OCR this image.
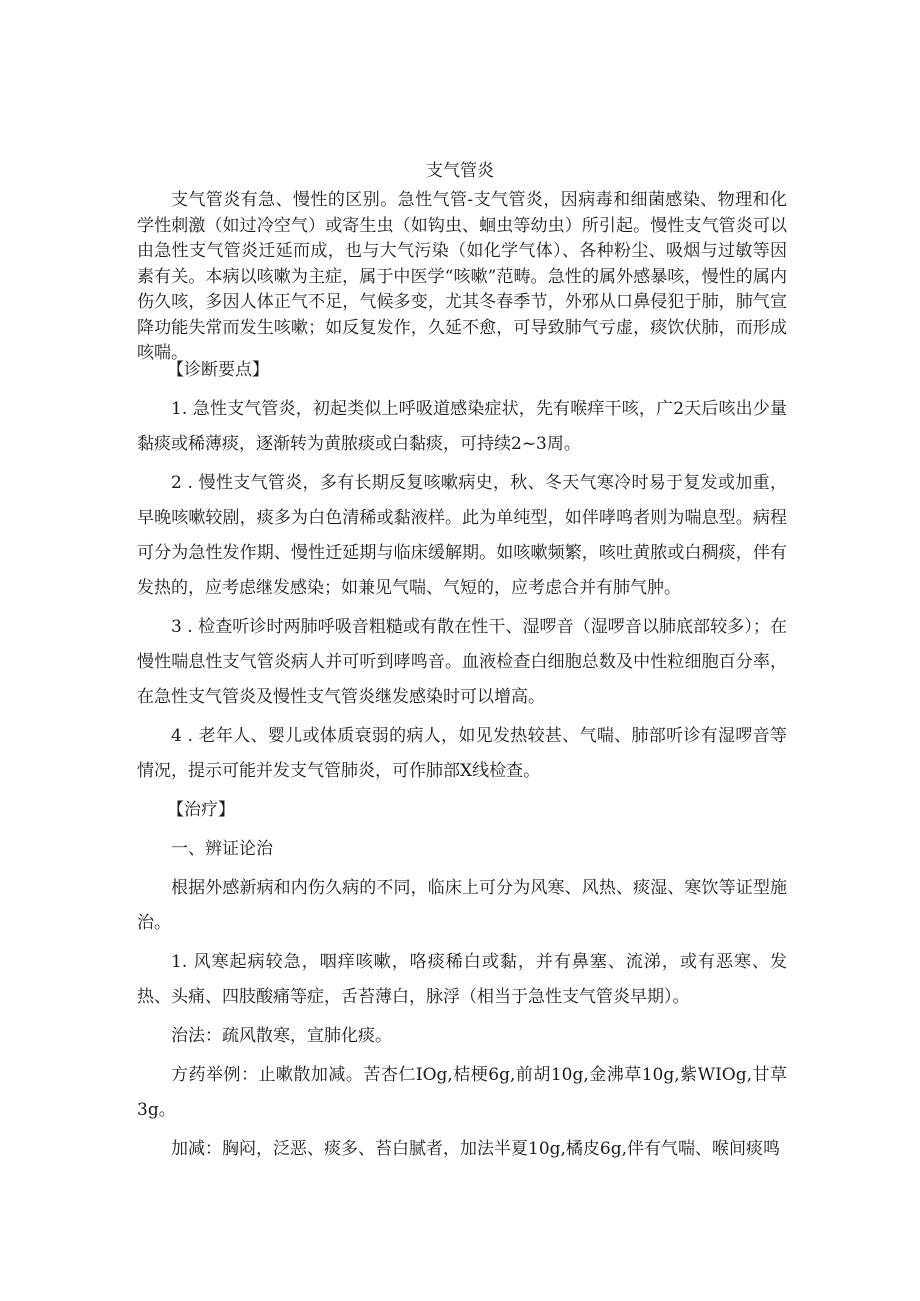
支气管炎

支气管炎有急、慢性的区别。急性气管-支气管炎，因病毒和细菌感染、物理和化学性刺激（如过冷空气）或寄生虫（如钩虫、蛔虫等幼虫）所引起。慢性支气管炎可以由急性支气管炎迁延而成，也与大气污染（如化学气体）、各种粉尘、吸烟与过敏等因素有关。本病以咳嗽为主症，属于中医学“咳嗽”范畴。急性的属外感暴咳，慢性的属内伤久咳，多因人体正气不足，气候多变，尤其冬春季节，外邪从口鼻侵犯于肺，肺气宣降功能失常而发生咳嗽；如反复发作，久延不愈，可导致肺气亏虚，痰饮伏肺，而形成咳喘。

【诊断要点】

1. 急性支气管炎，初起类似上呼吸道感染症状，先有喉痒干咳，广2天后咳出少量黏痰或稀薄痰，逐渐转为黄脓痰或白黏痰，可持续2~3周。

2 . 慢性支气管炎，多有长期反复咳嗽病史，秋、冬天气寒冷时易于复发或加重，早晚咳嗽较剧，痰多为白色清稀或黏液样。此为单纯型，如伴哮鸣者则为喘息型。病程可分为急性发作期、慢性迁延期与临床缓解期。如咳嗽频繁，咳吐黄脓或白稠痰，伴有发热的，应考虑继发感染；如兼见气喘、气短的，应考虑合并有肺气肿。

3 . 检查听诊时两肺呼吸音粗糙或有散在性干、湿啰音（湿啰音以肺底部较多）；在慢性喘息性支气管炎病人并可听到哮鸣音。血液检查白细胞总数及中性粒细胞百分率，在急性支气管炎及慢性支气管炎继发感染时可以增高。

4 . 老年人、婴儿或体质衰弱的病人，如见发热较甚、气喘、肺部听诊有湿啰音等情况，提示可能并发支气管肺炎，可作肺部X线检查。

【治疗】

一、辨证论治

根据外感新病和内伤久病的不同，临床上可分为风寒、风热、痰湿、寒饮等证型施治。

1. 风寒起病较急，咽痒咳嗽，咯痰稀白或黏，并有鼻塞、流涕，或有恶寒、发热、头痛、四肢酸痛等症，舌苔薄白，脉浮（相当于急性支气管炎早期）。

治法：疏风散寒，宣肺化痰。

方药举例：止嗽散加减。苦杏仁IOg,桔梗6g,前胡10g,金沸草10g,紫WIOg,甘草3g。

加减：胸闷，泛恶、痰多、苔白腻者，加法半夏10g,橘皮6g,伴有气喘、喉间痰鸣
